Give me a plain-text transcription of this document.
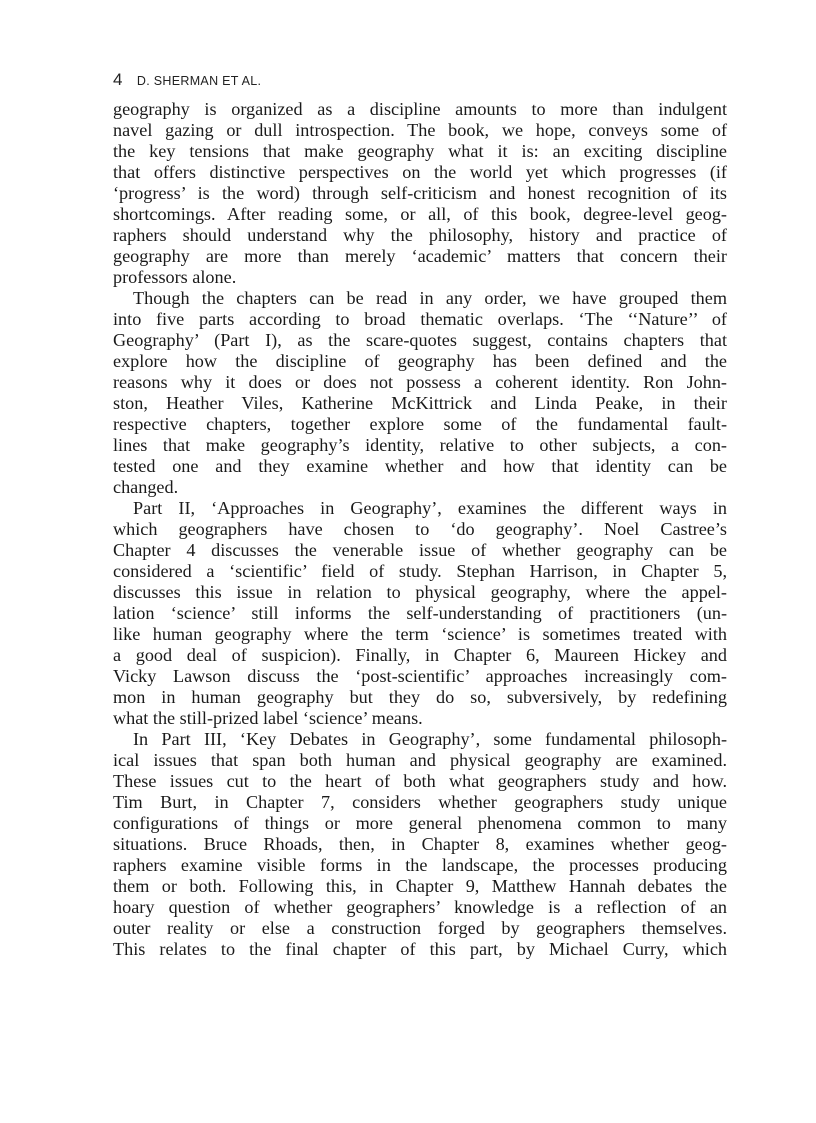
4 D. SHERMAN ET AL.
geography is organized as a discipline amounts to more than indulgent
navel gazing or dull introspection. The book, we hope, conveys some of
the key tensions that make geography what it is: an exciting discipline
that offers distinctive perspectives on the world yet which progresses (if
‘progress’ is the word) through self-criticism and honest recognition of its
shortcomings. After reading some, or all, of this book, degree-level geog-
raphers should understand why the philosophy, history and practice of
geography are more than merely ‘academic’ matters that concern their
professors alone.
Though the chapters can be read in any order, we have grouped them
into five parts according to broad thematic overlaps. ‘The ‘‘Nature’’ of
Geography’ (Part I), as the scare-quotes suggest, contains chapters that
explore how the discipline of geography has been defined and the
reasons why it does or does not possess a coherent identity. Ron John-
ston, Heather Viles, Katherine McKittrick and Linda Peake, in their
respective chapters, together explore some of the fundamental fault-
lines that make geography’s identity, relative to other subjects, a con-
tested one and they examine whether and how that identity can be
changed.
Part II, ‘Approaches in Geography’, examines the different ways in
which geographers have chosen to ‘do geography’. Noel Castree’s
Chapter 4 discusses the venerable issue of whether geography can be
considered a ‘scientific’ field of study. Stephan Harrison, in Chapter 5,
discusses this issue in relation to physical geography, where the appel-
lation ‘science’ still informs the self-understanding of practitioners (un-
like human geography where the term ‘science’ is sometimes treated with
a good deal of suspicion). Finally, in Chapter 6, Maureen Hickey and
Vicky Lawson discuss the ‘post-scientific’ approaches increasingly com-
mon in human geography but they do so, subversively, by redefining
what the still-prized label ‘science’ means.
In Part III, ‘Key Debates in Geography’, some fundamental philosoph-
ical issues that span both human and physical geography are examined.
These issues cut to the heart of both what geographers study and how.
Tim Burt, in Chapter 7, considers whether geographers study unique
configurations of things or more general phenomena common to many
situations. Bruce Rhoads, then, in Chapter 8, examines whether geog-
raphers examine visible forms in the landscape, the processes producing
them or both. Following this, in Chapter 9, Matthew Hannah debates the
hoary question of whether geographers’ knowledge is a reflection of an
outer reality or else a construction forged by geographers themselves.
This relates to the final chapter of this part, by Michael Curry, which
